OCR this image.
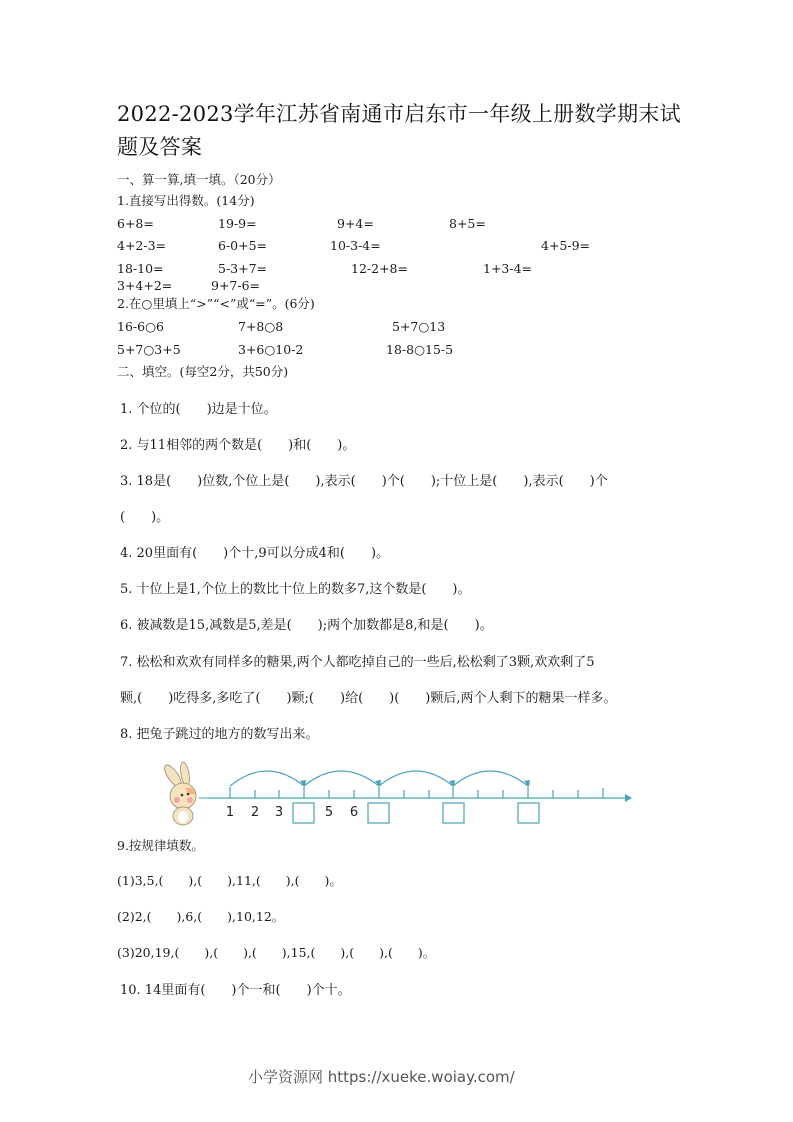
2022-2023学年江苏省南通市启东市一年级上册数学期末试题及答案
一、算一算,填一填。（20分）
1.直接写出得数。(14分)
6+8=	19-9=	9+4=	8+5=
4+2-3=	6-0+5=	10-3-4=	4+5-9=
18-10=	5-3+7=	12-2+8=	1+3-4=
3+4+2=	9+7-6=
2.在○里填上“>”“<”或“=”。(6分)
16-6○6	7+8○8	5+7○13
5+7○3+5	3+6○10-2	18-8○15-5
二、填空。(每空2分，共50分)
1. 个位的(　　)边是十位。
2. 与11相邻的两个数是(　　)和(　　)。
3. 18是(　　)位数,个位上是(　　),表示(　　)个(　　);十位上是(　　),表示(　　)个
(　　)。
4. 20里面有(　　)个十,9可以分成4和(　　)。
5. 十位上是1,个位上的数比十位上的数多7,这个数是(　　)。
6. 被减数是15,减数是5,差是(　　);两个加数都是8,和是(　　)。
7. 松松和欢欢有同样多的糖果,两个人都吃掉自己的一些后,松松剩了3颗,欢欢剩了5
颗,(　　)吃得多,多吃了(　　)颗;(　　)给(　　)(　　)颗后,两个人剩下的糖果一样多。
8. 把兔子跳过的地方的数写出来。
1 2 3	5 6
9.按规律填数。
(1)3,5,(　　),(　　),11,(　　),(　　)。
(2)2,(　　),6,(　　),10,12。
(3)20,19,(　　),(　　),(　　),15,(　　),(　　),(　　)。
10. 14里面有(　　)个一和(　　)个十。
小学资源网 https://xueke.woiay.com/
